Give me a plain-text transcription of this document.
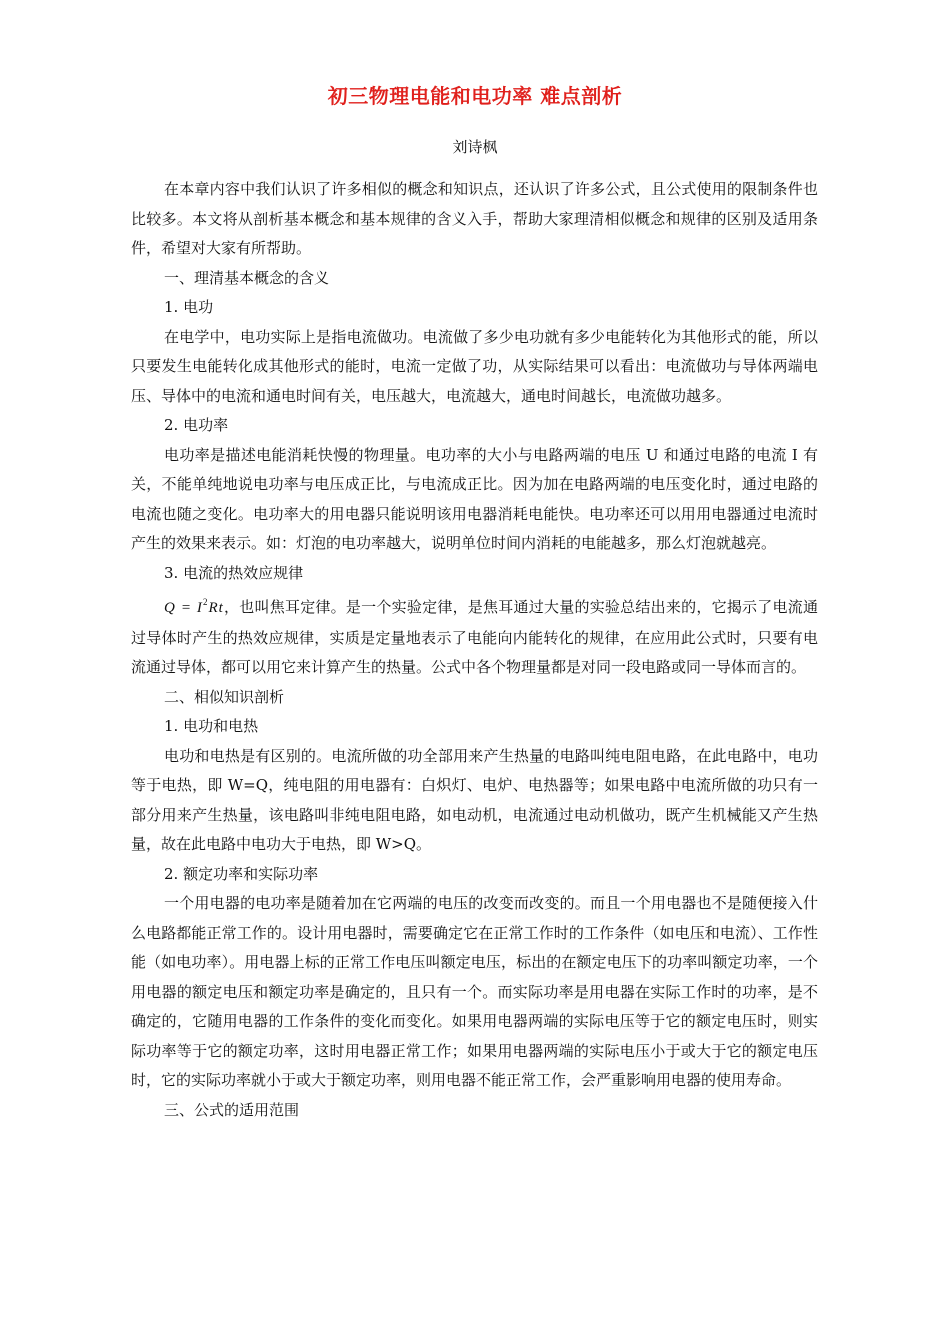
初三物理电能和电功率 难点剖析
刘诗枫

在本章内容中我们认识了许多相似的概念和知识点，还认识了许多公式，且公式使用的限制条件也比较多。本文将从剖析基本概念和基本规律的含义入手，帮助大家理清相似概念和规律的区别及适用条件，希望对大家有所帮助。

一、理清基本概念的含义

1. 电功

在电学中，电功实际上是指电流做功。电流做了多少电功就有多少电能转化为其他形式的能，所以只要发生电能转化成其他形式的能时，电流一定做了功，从实际结果可以看出：电流做功与导体两端电压、导体中的电流和通电时间有关，电压越大，电流越大，通电时间越长，电流做功越多。

2. 电功率

电功率是描述电能消耗快慢的物理量。电功率的大小与电路两端的电压 U 和通过电路的电流 I 有关，不能单纯地说电功率与电压成正比，与电流成正比。因为加在电路两端的电压变化时，通过电路的电流也随之变化。电功率大的用电器只能说明该用电器消耗电能快。电功率还可以用用电器通过电流时产生的效果来表示。如：灯泡的电功率越大，说明单位时间内消耗的电能越多，那么灯泡就越亮。

3. 电流的热效应规律

$Q = I^2Rt$，也叫焦耳定律。是一个实验定律，是焦耳通过大量的实验总结出来的，它揭示了电流通过导体时产生的热效应规律，实质是定量地表示了电能向内能转化的规律，在应用此公式时，只要有电流通过导体，都可以用它来计算产生的热量。公式中各个物理量都是对同一段电路或同一导体而言的。

二、相似知识剖析

1. 电功和电热

电功和电热是有区别的。电流所做的功全部用来产生热量的电路叫纯电阻电路，在此电路中，电功等于电热，即 W=Q，纯电阻的用电器有：白炽灯、电炉、电热器等；如果电路中电流所做的功只有一部分用来产生热量，该电路叫非纯电阻电路，如电动机，电流通过电动机做功，既产生机械能又产生热量，故在此电路中电功大于电热，即 W>Q。

2. 额定功率和实际功率

一个用电器的电功率是随着加在它两端的电压的改变而改变的。而且一个用电器也不是随便接入什么电路都能正常工作的。设计用电器时，需要确定它在正常工作时的工作条件（如电压和电流）、工作性能（如电功率）。用电器上标的正常工作电压叫额定电压，标出的在额定电压下的功率叫额定功率，一个用电器的额定电压和额定功率是确定的，且只有一个。而实际功率是用电器在实际工作时的功率，是不确定的，它随用电器的工作条件的变化而变化。如果用电器两端的实际电压等于它的额定电压时，则实际功率等于它的额定功率，这时用电器正常工作；如果用电器两端的实际电压小于或大于它的额定电压时，它的实际功率就小于或大于额定功率，则用电器不能正常工作，会严重影响用电器的使用寿命。

三、公式的适用范围
